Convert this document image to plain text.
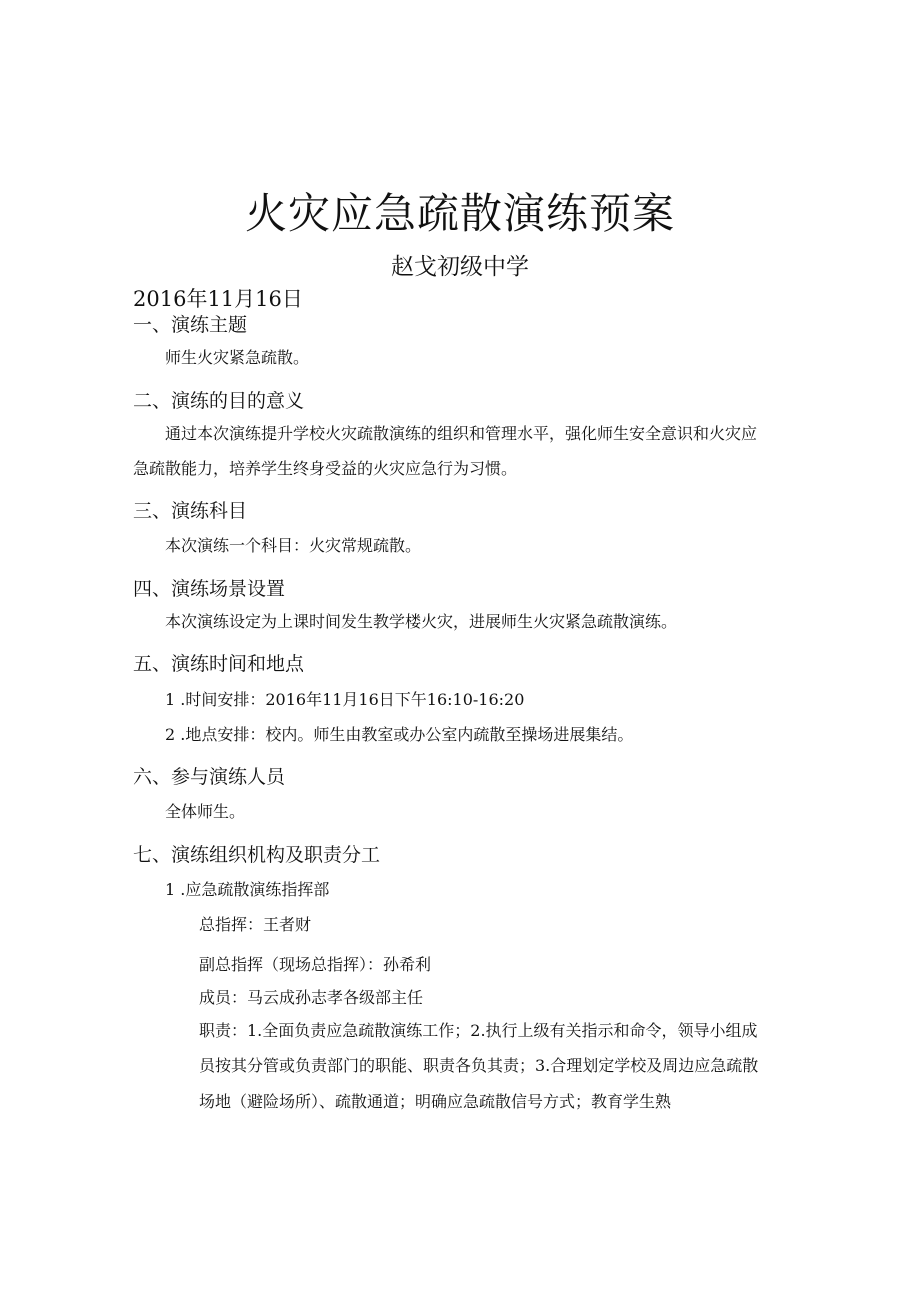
火灾应急疏散演练预案
赵戈初级中学
2016年11月16日
一、演练主题
师生火灾紧急疏散。
二、演练的目的意义
通过本次演练提升学校火灾疏散演练的组织和管理水平，强化师生安全意识和火灾应
急疏散能力，培养学生终身受益的火灾应急行为习惯。
三、演练科目
本次演练一个科目：火灾常规疏散。
四、演练场景设置
本次演练设定为上课时间发生教学楼火灾，进展师生火灾紧急疏散演练。
五、演练时间和地点
1 .时间安排：2016年11月16日下午16:10-16:20
2 .地点安排：校内。师生由教室或办公室内疏散至操场进展集结。
六、参与演练人员
全体师生。
七、演练组织机构及职责分工
1 .应急疏散演练指挥部
总指挥：王者财
副总指挥（现场总指挥）：孙希利
成员：马云成孙志孝各级部主任
职责：1.全面负责应急疏散演练工作；2.执行上级有关指示和命令，领导小组成
员按其分管或负责部门的职能、职责各负其责；3.合理划定学校及周边应急疏散
场地（避险场所）、疏散通道；明确应急疏散信号方式；教育学生熟
